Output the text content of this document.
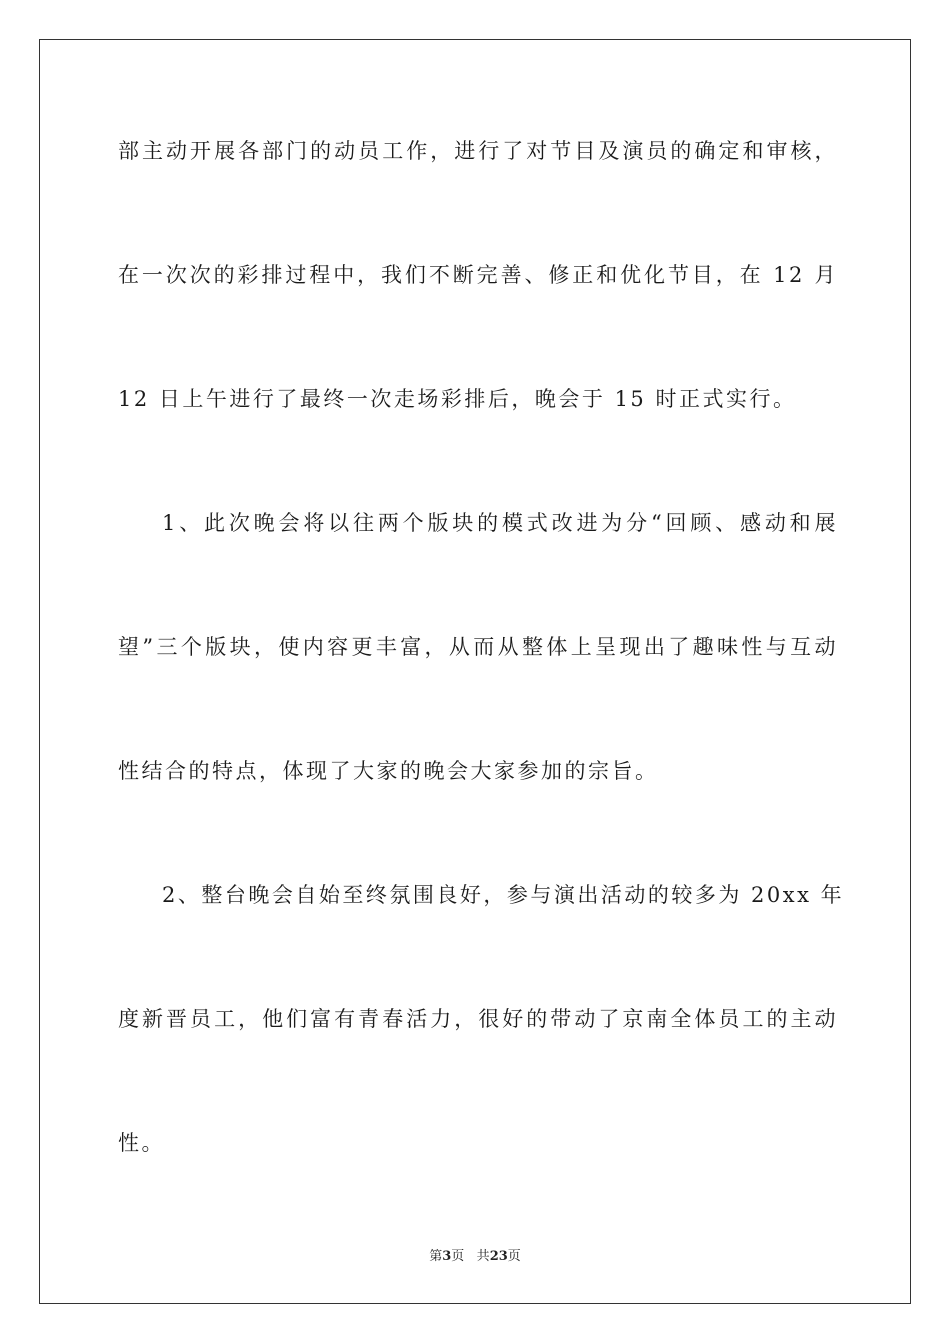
部主动开展各部门的动员工作，进行了对节目及演员的确定和审核，
在一次次的彩排过程中，我们不断完善、修正和优化节目，在 12 月
12 日上午进行了最终一次走场彩排后，晚会于 15 时正式实行。
1、此次晚会将以往两个版块的模式改进为分“回顾、感动和展
望”三个版块，使内容更丰富，从而从整体上呈现出了趣味性与互动
性结合的特点，体现了大家的晚会大家参加的宗旨。
2、整台晚会自始至终氛围良好，参与演出活动的较多为 20xx 年
度新晋员工，他们富有青春活力，很好的带动了京南全体员工的主动
性。
第3页 共23页
